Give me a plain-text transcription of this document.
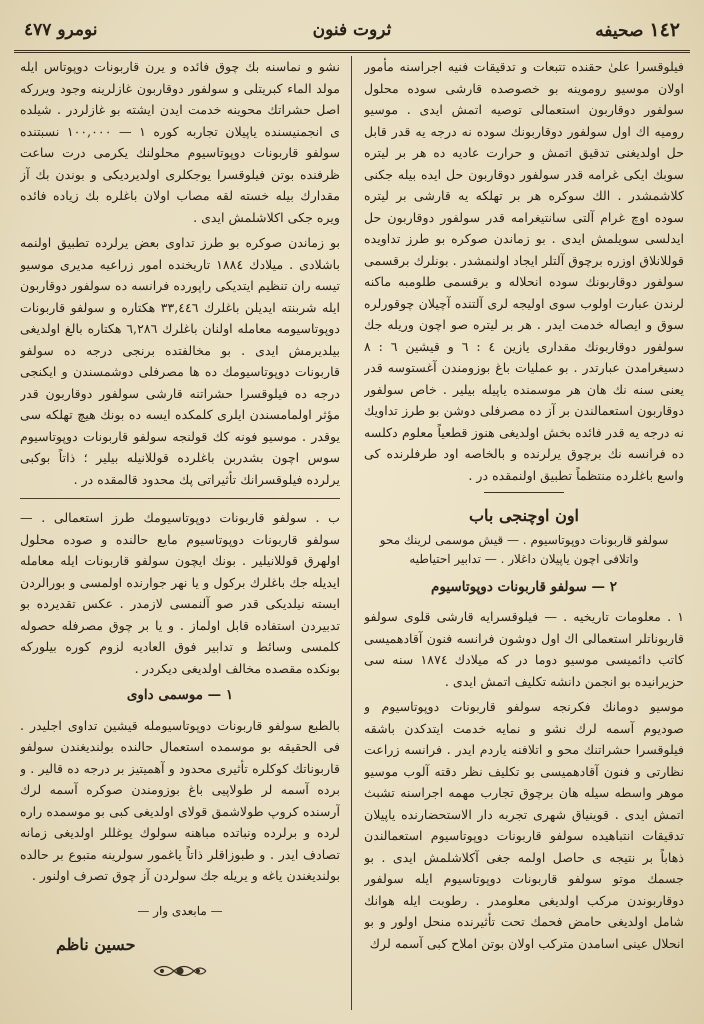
١٤٢ صحیفه
ثروت فنون
نومرو ٤٧٧

فیلوقسرا علیٰ حقنده تتبعات و تدقیقات فنیه اجراسنه مأمور اولان موسیو روموینه بو خصوصده قارشی سوده محلول سولفور دوقاربون استعمالی توصیه اتمش ایدی . موسیو رومیه اك اول سولفور دوقاربونك سوده نه درجه یه قدر قابل حل اولدیغنی تدقیق اتمش و حرارت عادیه ده هر بر لیتره سوبك ایکی غرامه قدر سولفور دوقاربون حل ایده بیله جکنی کلاشمشدر . الك سوکره هر بر تهلکه یه قارشی بر لیتره سوده اوچ غرام آلتی سانتیغرامه قدر سولفور دوقاربون حل ایدلسی سویلمش ایدی . بو زماندن صوکره بو طرز تداویده قوللانلاق اوزره برچوق آلتلر ایجاد اولنمشدر . بونلرك برقسمی سولفور دوقاربونك سوده انحلاله و برقسمی طلومبه ماکنه لرندن عبارت اولوب سوی اولیجه لری آلتنده آچیلان چوقورلره سوق و ایصاله خدمت ایدر . هر بر لیتره صو اچون وریله جك سولفور دوقاربونك مقداری یازین ٤ : ٦ و قیشین ٦ : ٨ دسیغرامدن عبارتدر . بو عملیات باغ بوزومندن آغستوسه قدر یعنی سنه نك هان هر موسمنده یاپیله بیلیر . خاص سولفور دوقاربون استعمالندن بر آز ده مصرفلی دوشن بو طرز تداویك نه درجه یه قدر فائده بخش اولدیغی هنوز قطعیاً معلوم دکلسه ده فرانسه نك برچوق یرلرنده و بالخاصه اود طرفلرنده کی واسع باغلرده منتظماً تطبیق اولنمقده در .

اون اوچنجی باب
سولفو قاربونات دوپوتاسیوم . — قیش موسمی لرینك محو واتلافی اچون یاپیلان داغلار . — تدابیر احتیاطیه
٢ — سولفو قاربونات دوپوتاسیوم

١ . معلومات تاریخیه . — فیلوقسرایه قارشی قلوی سولفو قاربوناتلر استعمالی اك اول دوشون فرانسه فنون آقادهمیسی کاتب دائمیسی موسیو دوما در که میلادك ١٨٧٤ سنه سی حزیرانیده بو انجمن دانشه تکلیف اتمش ایدی .

موسیو دومانك فکرنجه سولفو قاربونات دوپوتاسیوم و صودیوم آسمه لرك نشو و نمایه خدمت ایتدکدن باشقه فیلوقسرا حشراتنك محو و اتلافنه یاردم ایدر . فرانسه زراعت نظارتی و فنون آقادهمیسی بو تکلیف نظر دقته آلوب موسیو موهر واسطه سیله هان برچوق تجارب مهمه اجراسنه تشبث اتمش ایدی . قوینیاق شهری تجربه دار الاستحضارنده یاپیلان تدقیقات انتباهیده سولفو قاربونات دوپوتاسیوم استعمالندن ذهاباً بر نتیجه ی حاصل اولمه جغی آکلاشلمش ایدی . بو جسمك موتو سولفو قاربونات دوپوتاسیوم ایله سولفور دوقاربوندن مرکب اولدیغی معلومدر . رطوبت ایله هوانك شامل اولدیغی حامض فحمك تحت تأثیرنده منحل اولور و بو انحلال عینی اسامدن مترکب اولان بوتن املاح کبی آسمه لرك

نشو و نماسنه بك چوق فائده و یرن قاربونات دوپوتاس ایله مولد الماء کبریتلی و سولفور دوقاربون غازلرینه وجود ویرركه اصل حشراتك محوینه خدمت ایدن ایشته بو غازلردر . شیلده ی انجمنیسنده یاپیلان تجاربه کوره ١ — ١٠٠,٠٠٠ نسبتنده سولفو قاربونات دوپوتاسیوم محلولنك یکرمی درت ساعت ظرفنده بوتن فیلوقسرا یوجکلری اولدیردیکی و بوندن بك آز مقدارك بیله خسته لقه مصاب اولان باغلره بك زیاده فائده ویره جکی اکلاشلمش ایدی .

بو زماندن صوکره بو طرز تداوی بعض یرلرده تطبیق اولنمه باشلادی . میلادك ١٨٨٤ تاریخنده امور زراعیه مدیری موسیو تیسه ران تنظیم ایتدیکی راپورده فرانسه ده سولفور دوقاربون ایله شربنته ایدیلن باغلرك ٣٣,٤٤٦ هکتاره و سولفو قاربونات دوپوتاسیومه معامله اولنان باغلرك ٦,٢٨٦ هکتاره بالغ اولدیغی بیلدیرمش ایدی . بو مخالفتده برنجی درجه ده سولفو قاربونات دوپوتاسیومك ده ها مصرفلی دوشمسندن و ایکنجی درجه ده فیلوقسرا حشراتنه قارشی سولفور دوقاربون قدر مؤثر اولمامسندن ایلری کلمکده ایسه ده بونك هیچ تهلکه سی یوقدر . موسیو فونه کك قولنجه سولفو قاربونات دوپوتاسیوم سوس اچون بشدربن باغلرده قوللانیله بیلیر ؛ ذاتاً بوکبی یرلرده فیلوقسرانك تأثیراتی پك محدود قالمقده در .

ب . سولفو قاربونات دوپوتاسیومك طرز استعمالی . — سولفو قاربونات دوپوتاسیوم مایع حالنده و صوده محلول اولهرق قوللانیلیر . بونك ایچون سولفو قاربونات ایله معامله ایدیله جك باغلرك برکول و یا نهر جوارنده اولمسی و بورالردن ایسته نیلدیکی قدر صو آلنمسی لازمدر . عکس تقدیرده بو تدبیردن استفاده قابل اولماز . و یا بر چوق مصرفله حصوله کلمسی وسائط و تدابیر فوق العادیه لزوم کوره بیلورکه بونکده مقصده مخالف اولدیغی دیکردر .

١ — موسمی داوی

بالطبع سولفو قاربونات دوپوتاسیومله قیشین تداوی اجلیدر . فی الحقیقه بو موسمده استعمال حالنده بولندیغندن سولفو قاربوناتك کوکلره تأثیری محدود و آهمیتیز بر درجه ده قالیر . و برده آسمه لر طولاپیی باغ بوزومندن صوکره آسمه لرك آرسنده کروپ طولاشمق قولای اولدیغی کبی بو موسمده راره لرده و برلرده ونباتده مباهنه سولوك یوغللر اولدیغی زمانه تصادف ایدر . و طبوزاقلر ذاتاً یاغمور سولرینه متبوع بر حالده بولندیغندن یاغه و یریله جك سولردن آز چوق تصرف اولنور .

— مابعدی وار —
حسین ناظم
